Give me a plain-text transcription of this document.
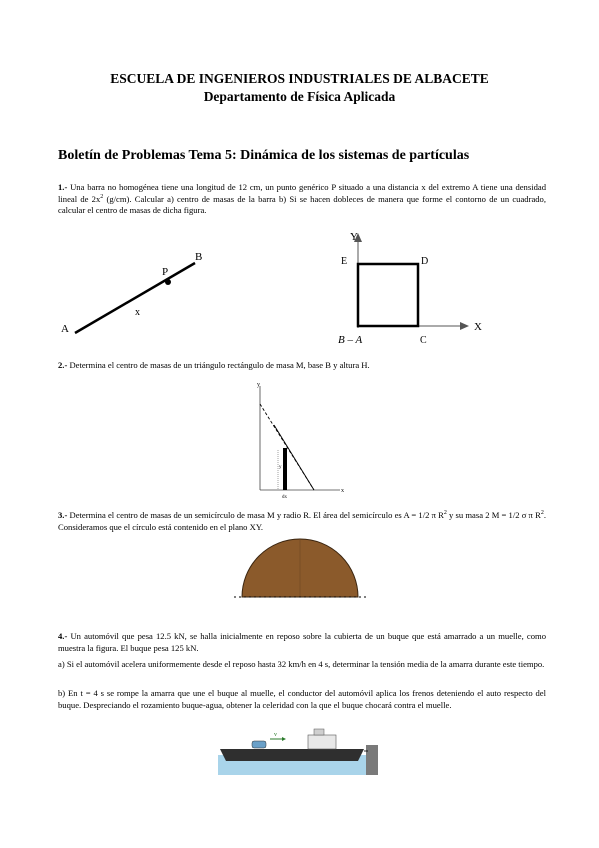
ESCUELA DE INGENIEROS INDUSTRIALES DE ALBACETE
Departamento de Física Aplicada
Boletín de Problemas Tema 5: Dinámica de los sistemas de partículas
1.- Una barra no homogénea tiene una longitud de 12 cm, un punto genérico P situado a una distancia x del extremo A tiene una densidad lineal de $2x^2$ (g/cm). Calcular a) centro de masas de la barra b) Si se hacen dobleces de manera que forme el contorno de un cuadrado, calcular el centro de masas de dicha figura.
A
B
P
x
Y
X
E	D
B – A	C
2.- Determina el centro de masas de un triángulo rectángulo de masa M, base B y altura H.
y
x
dx
y
3.- Determina el centro de masas de un semicírculo de masa M y radio R. El área del semicírculo es A = 1/2 π $R^2$ y su masa 2 M = 1/2 σ π $R^2$. Consideramos que el círculo está contenido en el plano XY.
4.- Un automóvil que pesa 12.5 kN, se halla inicialmente en reposo sobre la cubierta de un buque que está amarrado a un muelle, como muestra la figura. El buque pesa 125 kN.
a) Si el automóvil acelera uniformemente desde el reposo hasta 32 km/h en 4 s, determinar la tensión media de la amarra durante este tiempo.
b) En t = 4 s se rompe la amarra que une el buque al muelle, el conductor del automóvil aplica los frenos deteniendo el auto respecto del buque. Despreciando el rozamiento buque-agua, obtener la celeridad con la que el buque chocará contra el muelle.
v
